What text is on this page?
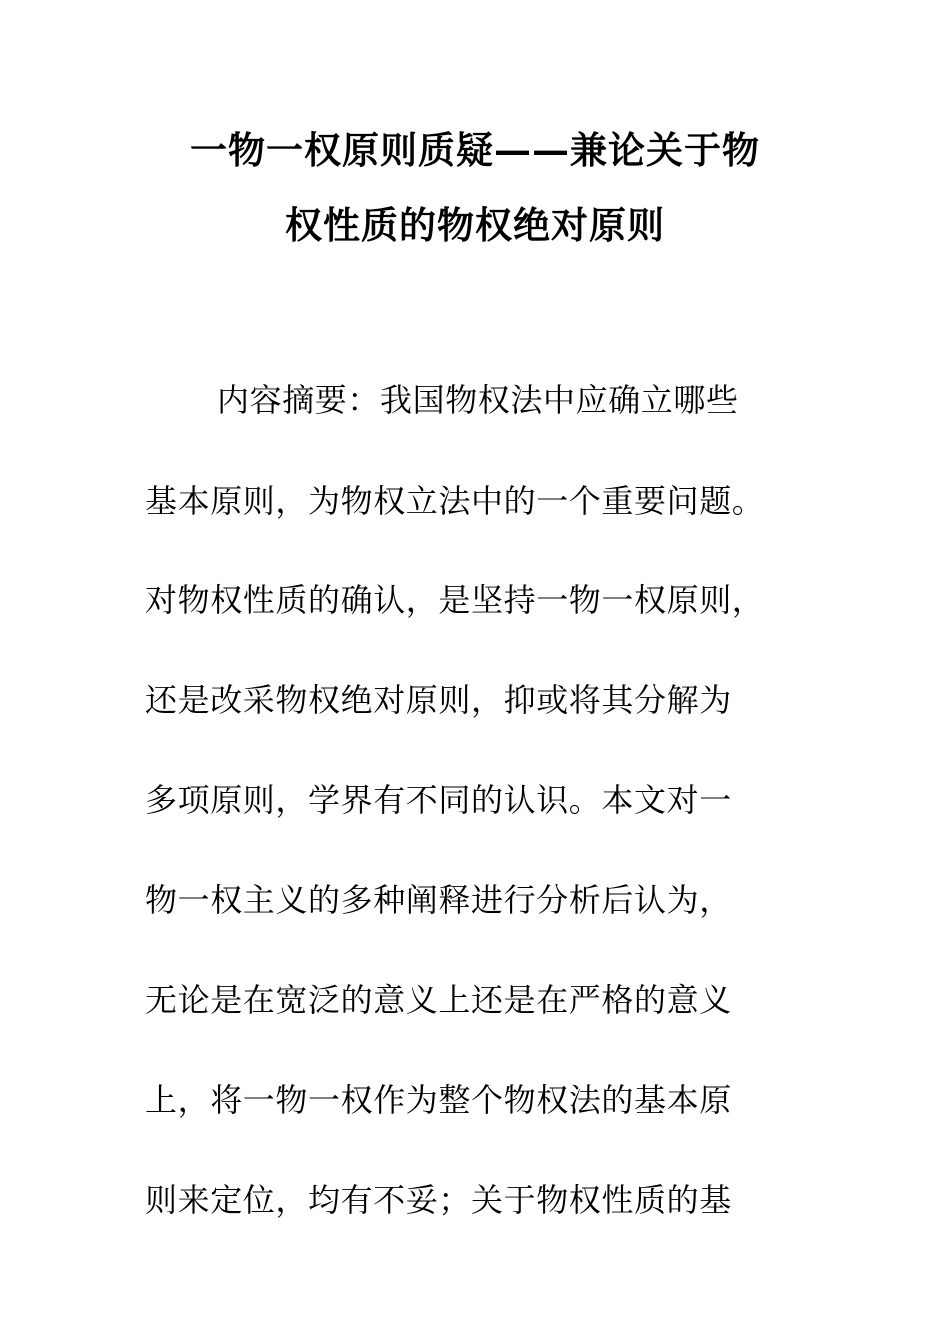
一物一权原则质疑——兼论关于物
权性质的物权绝对原则
内容摘要：我国物权法中应确立哪些
基本原则，为物权立法中的一个重要问题。
对物权性质的确认，是坚持一物一权原则，
还是改采物权绝对原则，抑或将其分解为
多项原则，学界有不同的认识。本文对一
物一权主义的多种阐释进行分析后认为，
无论是在宽泛的意义上还是在严格的意义
上，将一物一权作为整个物权法的基本原
则来定位，均有不妥；关于物权性质的基
